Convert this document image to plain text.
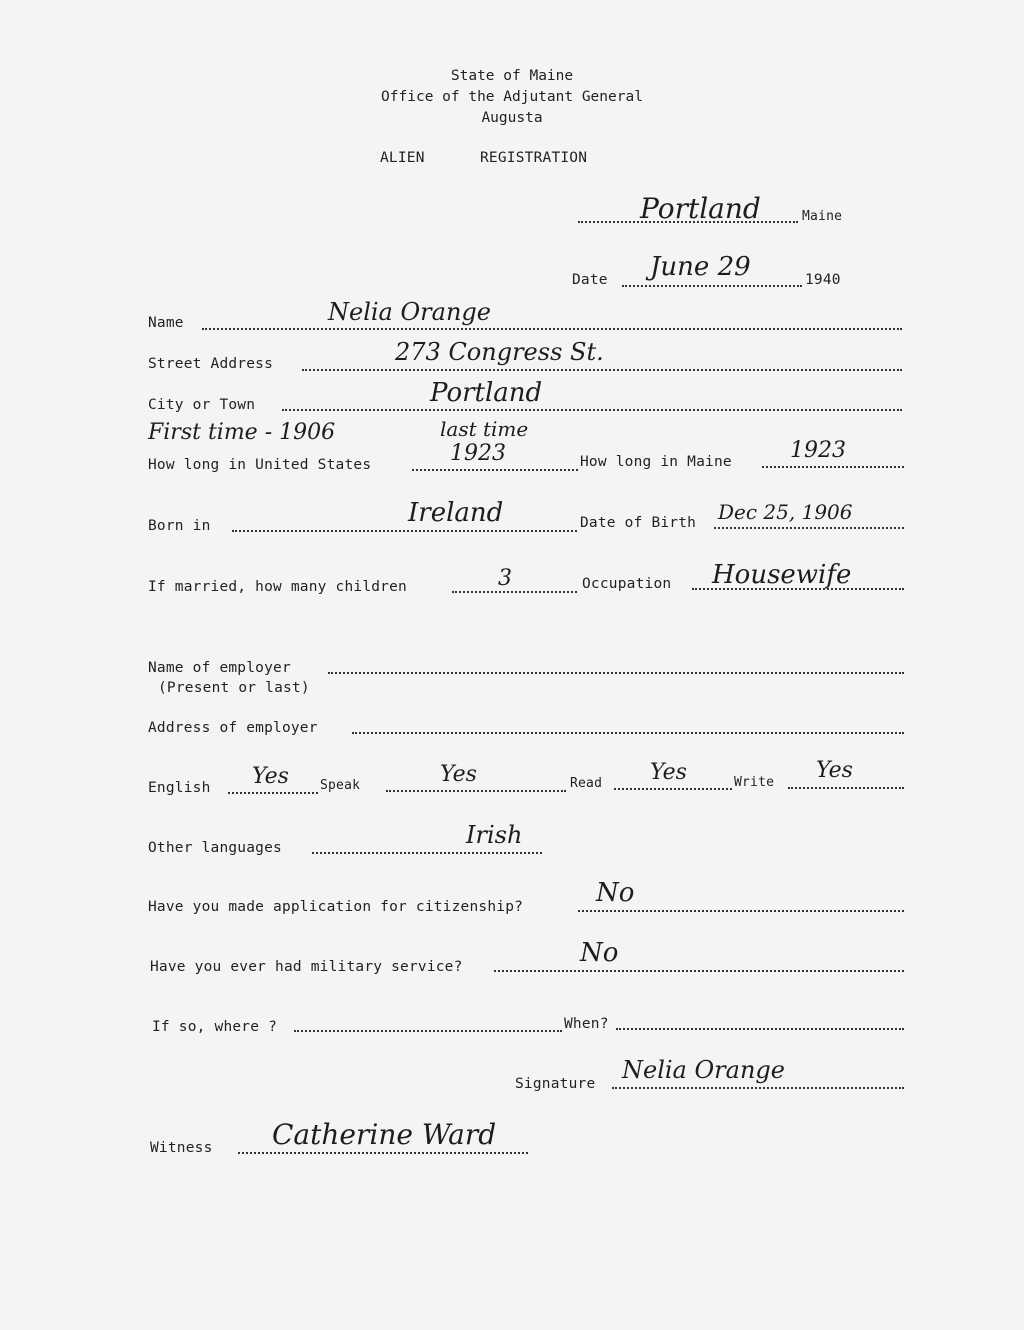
State of Maine
Office of the Adjutant General
Augusta
ALIEN	REGISTRATION
Portland	Maine
Date June 29	1940
Name	Nelia Orange
Street Address	273 Congress St.
City or Town	Portland
First time - 1906	last time
How long in United States	1923	How long in Maine	1923
Born in	Ireland	Date of Birth Dec 25, 1906
If married, how many children	3	Occupation Housewife
Name of employer
(Present or last)
Address of employer
English Yes Speak	Yes	Read Yes	Write Yes
Other languages	Irish
Have you made application for citizenship?	No
Have you ever had military service?	No
If so, where ?	When?
Signature Nelia Orange
Witness Catherine Ward
